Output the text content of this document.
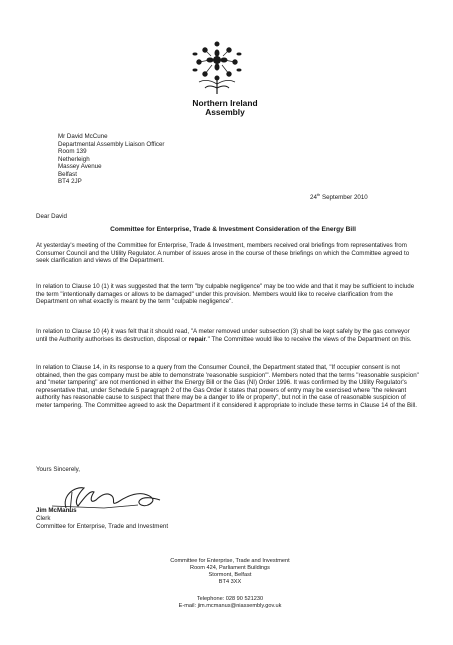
Northern Ireland
Assembly
Mr David McCune
Departmental Assembly Liaison Officer
Room 139
Netherleigh
Massey Avenue
Belfast
BT4 2JP
24th September 2010
Dear David
Committee for Enterprise, Trade & Investment Consideration of the Energy Bill

At yesterday's meeting of the Committee for Enterprise, Trade & Investment, members received oral briefings from representatives from Consumer Council and the Utility Regulator. A number of issues arose in the course of these briefings on which the Committee agreed to seek clarification and views of the Department.

In relation to Clause 10 (1) it was suggested that the term "by culpable negligence" may be too wide and that it may be sufficient to include the term "intentionally damages or allows to be damaged" under this provision. Members would like to receive clarification from the Department on what exactly is meant by the term "culpable negligence".

In relation to Clause 10 (4) it was felt that it should read, "A meter removed under subsection (3) shall be kept safely by the gas conveyor until the Authority authorises its destruction, disposal or repair." The Committee would like to receive the views of the Department on this.

In relation to Clause 14, in its response to a query from the Consumer Council, the Department stated that, "If occupier consent is not obtained, then the gas company must be able to demonstrate 'reasonable suspicion'". Members noted that the terms "reasonable suspicion" and "meter tampering" are not mentioned in either the Energy Bill or the Gas (NI) Order 1996. It was confirmed by the Utility Regulator's representative that, under Schedule 5 paragraph 2 of the Gas Order it states that powers of entry may be exercised where "the relevant authority has reasonable cause to suspect that there may be a danger to life or property", but not in the case of reasonable suspicion of meter tampering. The Committee agreed to ask the Department if it considered it appropriate to include these terms in Clause 14 of the Bill.

Yours Sincerely,
Jim McManus
Clerk
Committee for Enterprise, Trade and Investment
Committee for Enterprise, Trade and Investment
Room 424, Parliament Buildings
Stormont, Belfast
BT4 3XX
Telephone: 028 90 521230
E-mail: jim.mcmanus@niassembly.gov.uk
